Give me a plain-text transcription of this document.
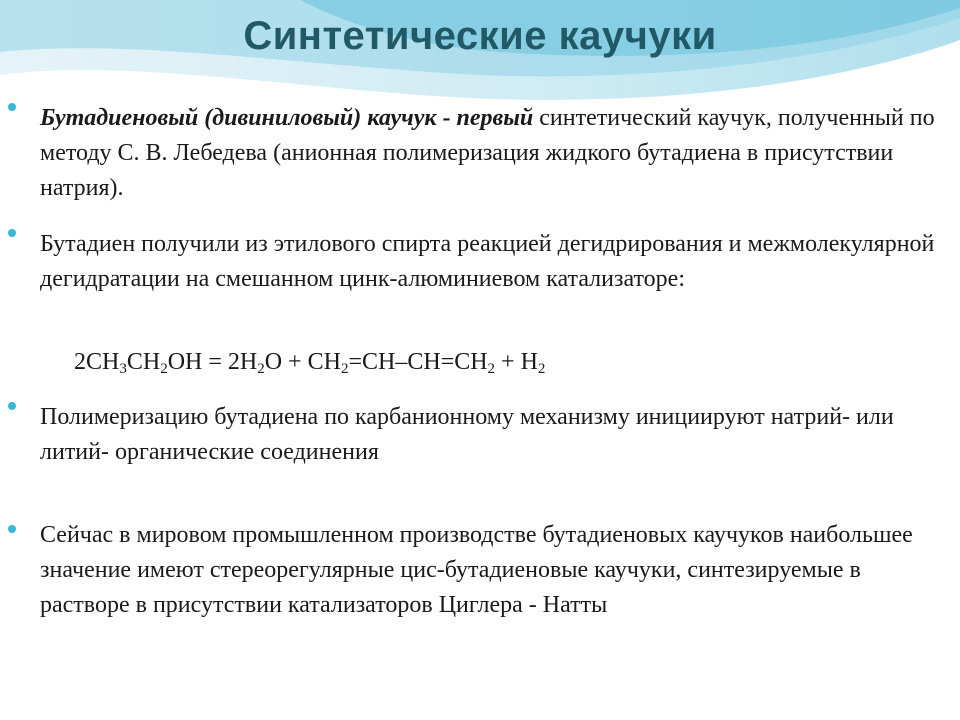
Синтетические каучуки
Бутадиеновый (дивиниловый) каучук - первый синтетический каучук, полученный по методу С. В. Лебедева (анионная полимеризация жидкого бутадиена в присутствии натрия).
Бутадиен получили из этилового спирта реакцией дегидрирования и межмолекулярной дегидратации на смешанном цинк-алюминиевом катализаторе:
$2CH_3CH_2OH = 2H_2O + CH_2=CH-CH=CH_2 + H_2$
Полимеризацию бутадиена по карбанионному механизму инициируют натрий- или литий- органические соединения
Сейчас в мировом промышленном производстве бутадиеновых каучуков наибольшее значение имеют стереорегулярные цис-бутадиеновые каучуки, синтезируемые в растворе в присутствии катализаторов Циглера - Натты
